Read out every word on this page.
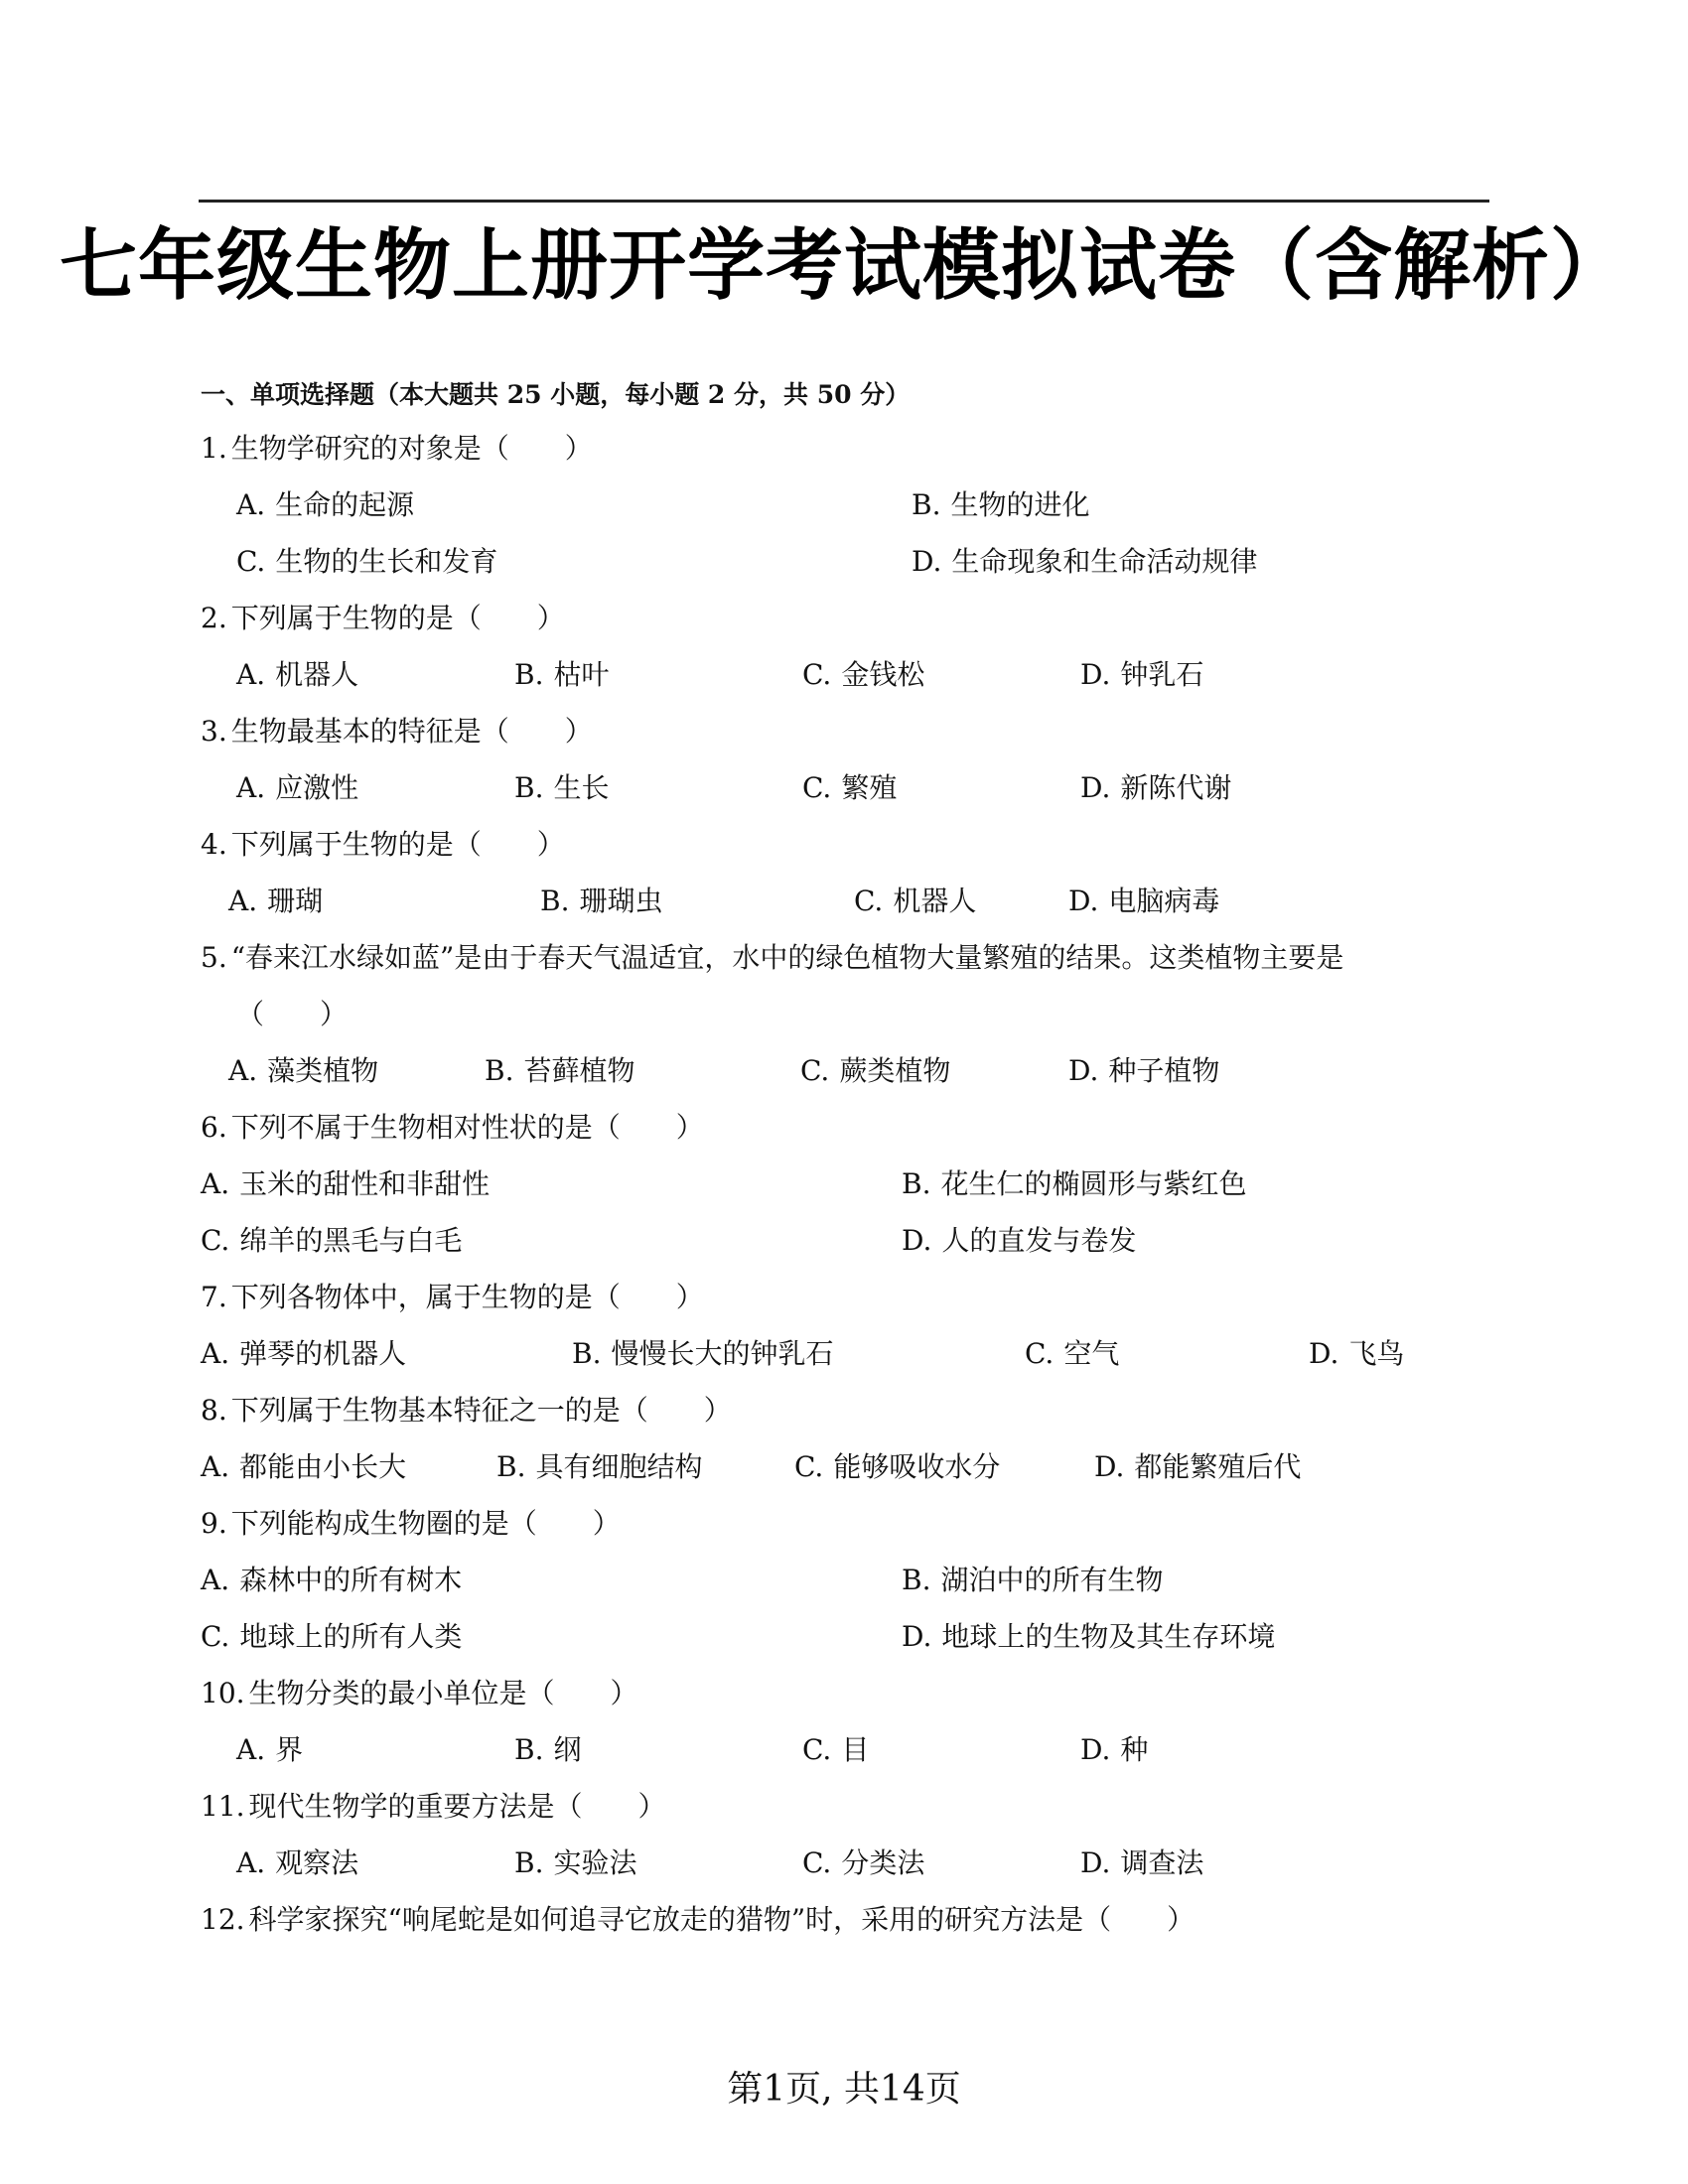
七年级生物上册开学考试模拟试卷（含解析）
一、单项选择题（本大题共 25 小题，每小题 2 分，共 50 分）
1. 生物学研究的对象是（　　）
A. 生命的起源	B. 生物的进化
C. 生物的生长和发育	D. 生命现象和生命活动规律
2. 下列属于生物的是（　　）
A. 机器人	B. 枯叶	C. 金钱松	D. 钟乳石
3. 生物最基本的特征是（　　）
A. 应激性	B. 生长	C. 繁殖	D. 新陈代谢
4. 下列属于生物的是（　　）
A. 珊瑚	B. 珊瑚虫	C. 机器人	D. 电脑病毒
5. “春来江水绿如蓝”是由于春天气温适宜，水中的绿色植物大量繁殖的结果。这类植物主要是
（　　）
A. 藻类植物	B. 苔藓植物	C. 蕨类植物	D. 种子植物
6. 下列不属于生物相对性状的是（　　）
A. 玉米的甜性和非甜性	B. 花生仁的椭圆形与紫红色
C. 绵羊的黑毛与白毛	D. 人的直发与卷发
7. 下列各物体中，属于生物的是（　　）
A. 弹琴的机器人	B. 慢慢长大的钟乳石	C. 空气	D. 飞鸟
8. 下列属于生物基本特征之一的是（　　）
A. 都能由小长大	B. 具有细胞结构	C. 能够吸收水分	D. 都能繁殖后代
9. 下列能构成生物圈的是（　　）
A. 森林中的所有树木	B. 湖泊中的所有生物
C. 地球上的所有人类	D. 地球上的生物及其生存环境
10. 生物分类的最小单位是（　　）
A. 界	B. 纲	C. 目	D. 种
11. 现代生物学的重要方法是（　　）
A. 观察法	B. 实验法	C. 分类法	D. 调查法
12. 科学家探究“响尾蛇是如何追寻它放走的猎物”时，采用的研究方法是（　　）
第1页, 共14页
